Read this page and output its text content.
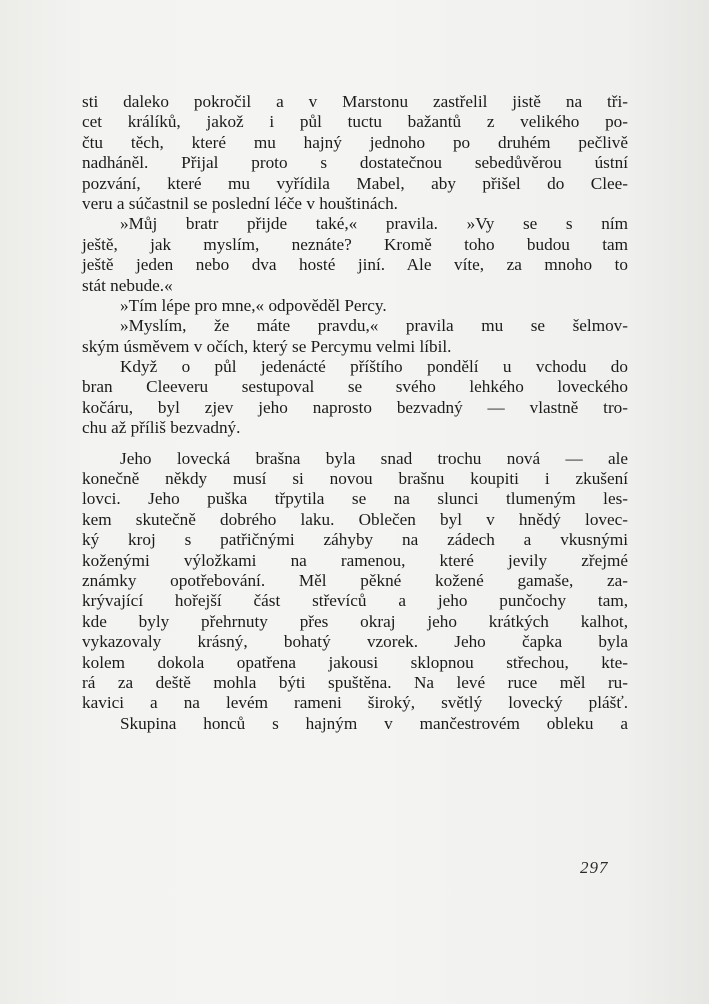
sti daleko pokročil a v Marstonu zastřelil jistě na tři-
cet králíků, jakož i půl tuctu bažantů z velikého po-
čtu těch, které mu hajný jednoho po druhém pečlivě
nadháněl. Přijal proto s dostatečnou sebedůvěrou ústní
pozvání, které mu vyřídila Mabel, aby přišel do Clee-
veru a súčastnil se poslední léče v houštinách.
»Můj bratr přijde také,« pravila. »Vy se s ním
ještě, jak myslím, neznáte? Kromě toho budou tam
ještě jeden nebo dva hosté jiní. Ale víte, za mnoho to
stát nebude.«
»Tím lépe pro mne,« odpověděl Percy.
»Myslím, že máte pravdu,« pravila mu se šelmov-
ským úsměvem v očích, který se Percymu velmi líbil.
Když o půl jedenácté příštího pondělí u vchodu do
bran Cleeveru sestupoval se svého lehkého loveckého
kočáru, byl zjev jeho naprosto bezvadný — vlastně tro-
chu až příliš bezvadný.
Jeho lovecká brašna byla snad trochu nová — ale
konečně někdy musí si novou brašnu koupiti i zkušení
lovci. Jeho puška třpytila se na slunci tlumeným les-
kem skutečně dobrého laku. Oblečen byl v hnědý lovec-
ký kroj s patřičnými záhyby na zádech a vkusnými
koženými výložkami na ramenou, které jevily zřejmé
známky opotřebování. Měl pěkné kožené gamaše, za-
krývající hořejší část střevíců a jeho punčochy tam,
kde byly přehrnuty přes okraj jeho krátkých kalhot,
vykazovaly krásný, bohatý vzorek. Jeho čapka byla
kolem dokola opatřena jakousi sklopnou střechou, kte-
rá za deště mohla býti spuštěna. Na levé ruce měl ru-
kavici a na levém rameni široký, světlý lovecký plášť.
Skupina honců s hajným v mančestrovém obleku a
297
